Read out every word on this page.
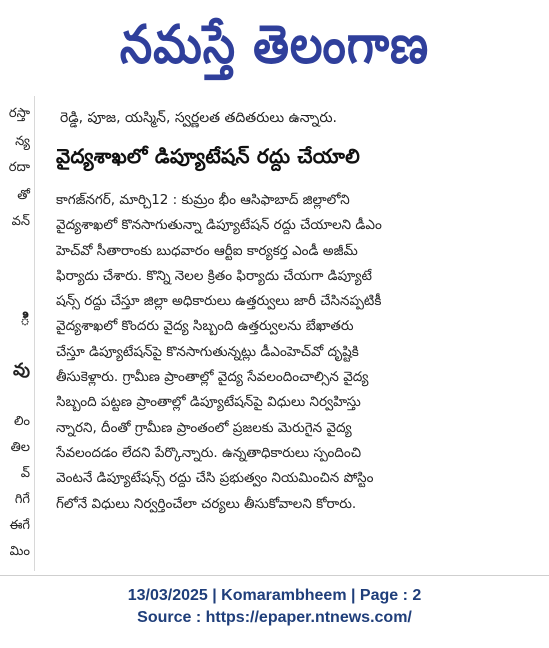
నమస్తే తెలంగాణ
రస్తా
న్య
రదా
తో
వన్
ి
వు
లిం
తిల
వ్
గిగే
ఈగే
మిం
రెడ్డి, పూజ, యస్మిన్, స్వర్ణలత తదితరులు ఉన్నారు.
వైద్యశాఖలో డిప్యూటేషన్ రద్దు చేయాలి
కాగజ్‌నగర్, మార్చి12 : కుమ్రం భీం ఆసిఫాబాద్ జిల్లాలోని
వైద్యశాఖలో కొనసాగుతున్నా డిప్యూటేషన్ రద్దు చేయాలని డీఎం
హెచ్‌వో సీతారాంకు బుధవారం ఆర్టీఐ కార్యకర్త ఎండీ అజీమ్
ఫిర్యాదు చేశారు. కొన్ని నెలల క్రితం ఫిర్యాదు చేయగా డిప్యూటే
షన్స్ రద్దు చేస్తూ జిల్లా అధికారులు ఉత్తర్వులు జారీ చేసినప్పటికీ
వైద్యశాఖలో కొందరు వైద్య సిబ్బంది ఉత్తర్వులను బేఖాతరు
చేస్తూ డిప్యూటేషన్‌పై కొనసాగుతున్నట్లు డీఎంహెచ్‌వో దృష్టికి
తీసుకెళ్లారు. గ్రామీణ ప్రాంతాల్లో వైద్య సేవలందించాల్సిన వైద్య
సిబ్బంది పట్టణ ప్రాంతాల్లో డిప్యూటేషన్‌పై విధులు నిర్వహిస్తు
న్నారని, దీంతో గ్రామీణ ప్రాంతంలో ప్రజలకు మెరుగైన వైద్య
సేవలందడం లేదని పేర్కొన్నారు. ఉన్నతాధికారులు స్పందించి
వెంటనే డిప్యూటేషన్స్ రద్దు చేసి ప్రభుత్వం నియమించిన పోస్టిం
గ్‌లోనే విధులు నిర్వర్తించేలా చర్యలు తీసుకోవాలని కోరారు.
13/03/2025 | Komarambheem | Page : 2
Source : https://epaper.ntnews.com/
